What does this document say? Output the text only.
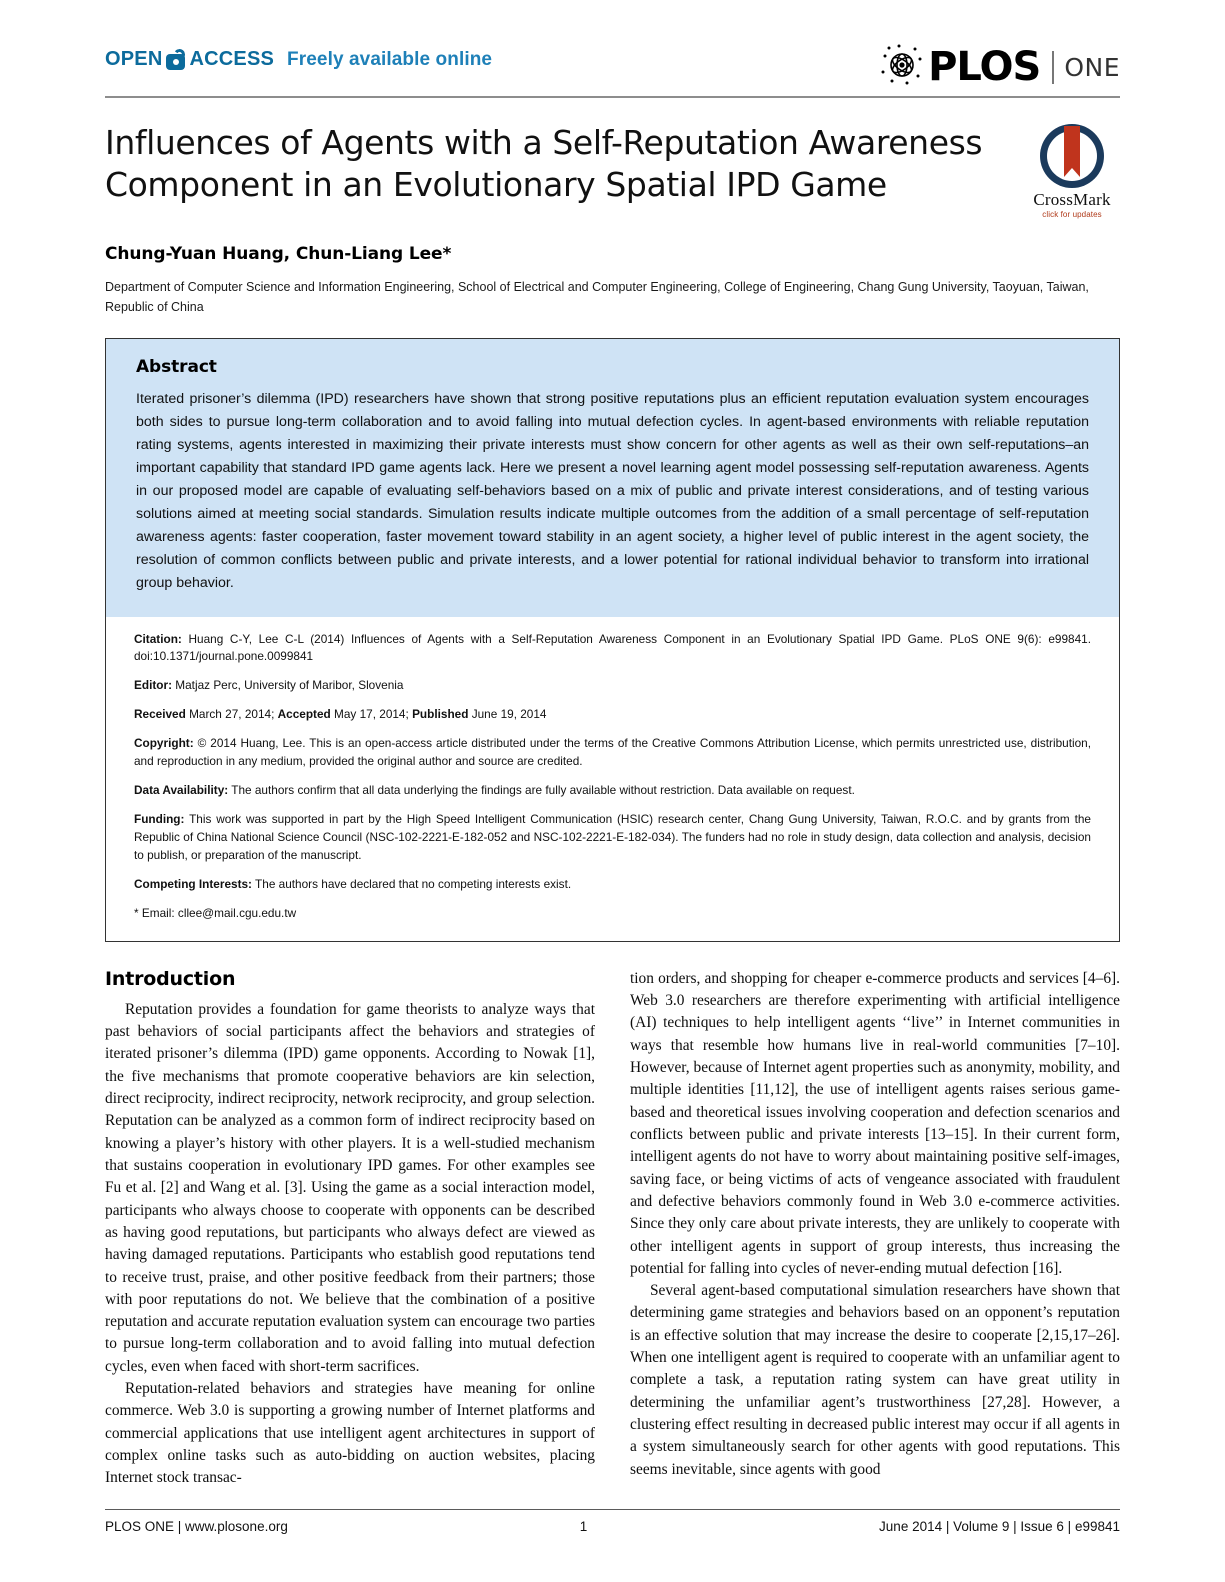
OPEN ACCESS Freely available online	PLOS ONE
Influences of Agents with a Self-Reputation Awareness Component in an Evolutionary Spatial IPD Game	CrossMark
click for updates
Chung-Yuan Huang, Chun-Liang Lee*
Department of Computer Science and Information Engineering, School of Electrical and Computer Engineering, College of Engineering, Chang Gung University, Taoyuan, Taiwan, Republic of China
Abstract

Iterated prisoner’s dilemma (IPD) researchers have shown that strong positive reputations plus an efficient reputation evaluation system encourages both sides to pursue long-term collaboration and to avoid falling into mutual defection cycles. In agent-based environments with reliable reputation rating systems, agents interested in maximizing their private interests must show concern for other agents as well as their own self-reputations–an important capability that standard IPD game agents lack. Here we present a novel learning agent model possessing self-reputation awareness. Agents in our proposed model are capable of evaluating self-behaviors based on a mix of public and private interest considerations, and of testing various solutions aimed at meeting social standards. Simulation results indicate multiple outcomes from the addition of a small percentage of self-reputation awareness agents: faster cooperation, faster movement toward stability in an agent society, a higher level of public interest in the agent society, the resolution of common conflicts between public and private interests, and a lower potential for rational individual behavior to transform into irrational group behavior.

Citation: Huang C-Y, Lee C-L (2014) Influences of Agents with a Self-Reputation Awareness Component in an Evolutionary Spatial IPD Game. PLoS ONE 9(6): e99841. doi:10.1371/journal.pone.0099841

Editor: Matjaz Perc, University of Maribor, Slovenia

Received March 27, 2014; Accepted May 17, 2014; Published June 19, 2014

Copyright: © 2014 Huang, Lee. This is an open-access article distributed under the terms of the Creative Commons Attribution License, which permits unrestricted use, distribution, and reproduction in any medium, provided the original author and source are credited.

Data Availability: The authors confirm that all data underlying the findings are fully available without restriction. Data available on request.

Funding: This work was supported in part by the High Speed Intelligent Communication (HSIC) research center, Chang Gung University, Taiwan, R.O.C. and by grants from the Republic of China National Science Council (NSC-102-2221-E-182-052 and NSC-102-2221-E-182-034). The funders had no role in study design, data collection and analysis, decision to publish, or preparation of the manuscript.

Competing Interests: The authors have declared that no competing interests exist.

* Email: cllee@mail.cgu.edu.tw

Introduction

Reputation provides a foundation for game theorists to analyze ways that past behaviors of social participants affect the behaviors and strategies of iterated prisoner’s dilemma (IPD) game opponents. According to Nowak [1], the five mechanisms that promote cooperative behaviors are kin selection, direct reciprocity, indirect reciprocity, network reciprocity, and group selection. Reputation can be analyzed as a common form of indirect reciprocity based on knowing a player’s history with other players. It is a well-studied mechanism that sustains cooperation in evolutionary IPD games. For other examples see Fu et al. [2] and Wang et al. [3]. Using the game as a social interaction model, participants who always choose to cooperate with opponents can be described as having good reputations, but participants who always defect are viewed as having damaged reputations. Participants who establish good reputations tend to receive trust, praise, and other positive feedback from their partners; those with poor reputations do not. We believe that the combination of a positive reputation and accurate reputation evaluation system can encourage two parties to pursue long-term collaboration and to avoid falling into mutual defection cycles, even when faced with short-term sacrifices.

Reputation-related behaviors and strategies have meaning for online commerce. Web 3.0 is supporting a growing number of Internet platforms and commercial applications that use intelligent agent architectures in support of complex online tasks such as auto-bidding on auction websites, placing Internet stock transac-

tion orders, and shopping for cheaper e-commerce products and services [4–6]. Web 3.0 researchers are therefore experimenting with artificial intelligence (AI) techniques to help intelligent agents ‘‘live’’ in Internet communities in ways that resemble how humans live in real-world communities [7–10]. However, because of Internet agent properties such as anonymity, mobility, and multiple identities [11,12], the use of intelligent agents raises serious game-based and theoretical issues involving cooperation and defection scenarios and conflicts between public and private interests [13–15]. In their current form, intelligent agents do not have to worry about maintaining positive self-images, saving face, or being victims of acts of vengeance associated with fraudulent and defective behaviors commonly found in Web 3.0 e-commerce activities. Since they only care about private interests, they are unlikely to cooperate with other intelligent agents in support of group interests, thus increasing the potential for falling into cycles of never-ending mutual defection [16].

Several agent-based computational simulation researchers have shown that determining game strategies and behaviors based on an opponent’s reputation is an effective solution that may increase the desire to cooperate [2,15,17–26]. When one intelligent agent is required to cooperate with an unfamiliar agent to complete a task, a reputation rating system can have great utility in determining the unfamiliar agent’s trustworthiness [27,28]. However, a clustering effect resulting in decreased public interest may occur if all agents in a system simultaneously search for other agents with good reputations. This seems inevitable, since agents with good

PLOS ONE | www.plosone.org	1	June 2014 | Volume 9 | Issue 6 | e99841
